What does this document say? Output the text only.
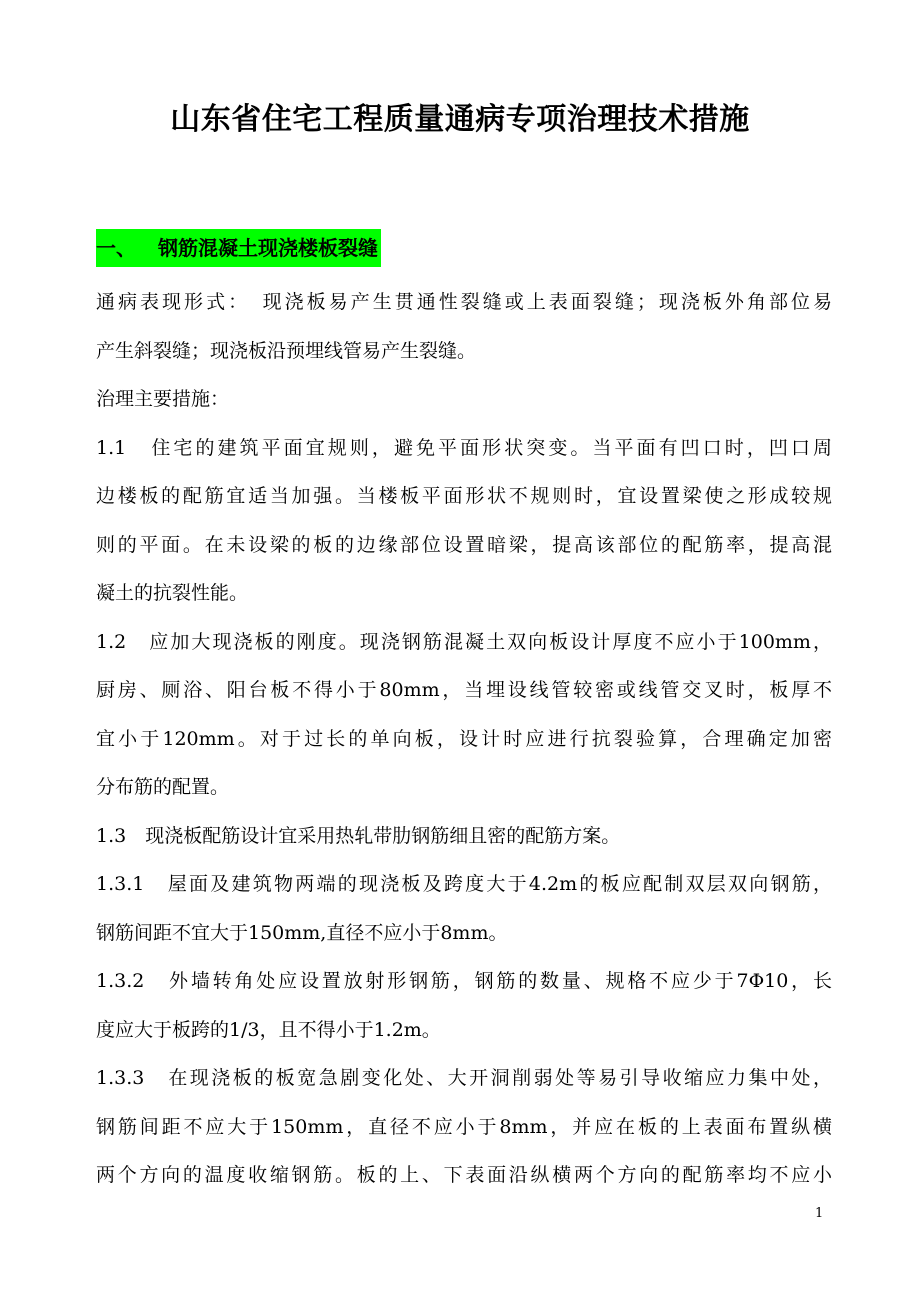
山东省住宅工程质量通病专项治理技术措施
一、 钢筋混凝土现浇楼板裂缝
通病表现形式：　现浇板易产生贯通性裂缝或上表面裂缝；现浇板外角部位易
产生斜裂缝；现浇板沿预埋线管易产生裂缝。
治理主要措施：
1.1　住宅的建筑平面宜规则，避免平面形状突变。当平面有凹口时，凹口周
边楼板的配筋宜适当加强。当楼板平面形状不规则时，宜设置梁使之形成较规
则的平面。在未设梁的板的边缘部位设置暗梁，提高该部位的配筋率，提高混
凝土的抗裂性能。
1.2　应加大现浇板的刚度。现浇钢筋混凝土双向板设计厚度不应小于100mm，
厨房、厕浴、阳台板不得小于80mm，当埋设线管较密或线管交叉时，板厚不
宜小于120mm。对于过长的单向板，设计时应进行抗裂验算，合理确定加密
分布筋的配置。
1.3　现浇板配筋设计宜采用热轧带肋钢筋细且密的配筋方案。
1.3.1　屋面及建筑物两端的现浇板及跨度大于4.2m的板应配制双层双向钢筋，
钢筋间距不宜大于150mm,直径不应小于8mm。
1.3.2　外墙转角处应设置放射形钢筋，钢筋的数量、规格不应少于7Φ10，长
度应大于板跨的1/3，且不得小于1.2m。
1.3.3　在现浇板的板宽急剧变化处、大开洞削弱处等易引导收缩应力集中处，
钢筋间距不应大于150mm，直径不应小于8mm，并应在板的上表面布置纵横
两个方向的温度收缩钢筋。板的上、下表面沿纵横两个方向的配筋率均不应小
1
